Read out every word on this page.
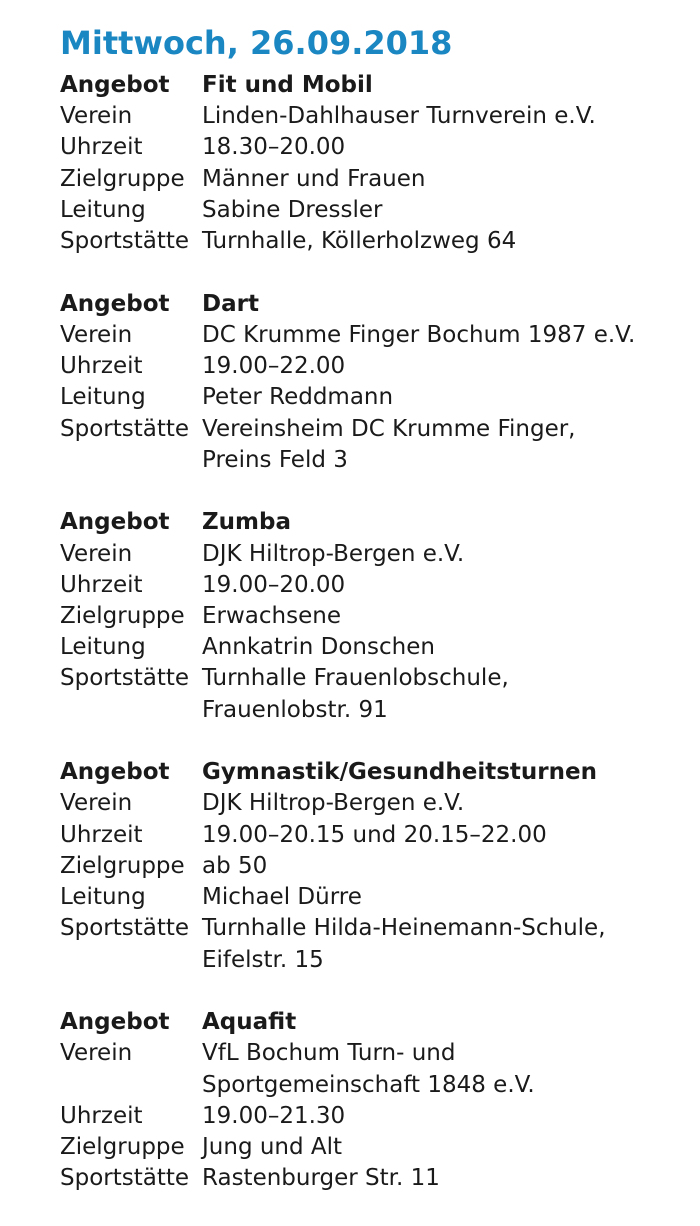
Mittwoch, 26.09.2018
Angebot	Fit und Mobil
Verein	Linden-Dahlhauser Turnverein e.V.
Uhrzeit	18.30–20.00
Zielgruppe Männer und Frauen
Leitung	Sabine Dressler
Sportstätte Turnhalle, Köllerholzweg 64
Angebot	Dart
Verein	DC Krumme Finger Bochum 1987 e.V.
Uhrzeit	19.00–22.00
Leitung	Peter Reddmann
Sportstätte Vereinsheim DC Krumme Finger,
Preins Feld 3
Angebot	Zumba
Verein	DJK Hiltrop-Bergen e.V.
Uhrzeit	19.00–20.00
Zielgruppe Erwachsene
Leitung	Annkatrin Donschen
Sportstätte Turnhalle Frauenlobschule,
Frauenlobstr. 91
Angebot	Gymnastik/Gesundheitsturnen
Verein	DJK Hiltrop-Bergen e.V.
Uhrzeit	19.00–20.15 und 20.15–22.00
Zielgruppe ab 50
Leitung	Michael Dürre
Sportstätte Turnhalle Hilda-Heinemann-Schule,
Eifelstr. 15
Angebot	Aquafit
Verein	VfL Bochum Turn- und
Sportgemeinschaft 1848 e.V.
Uhrzeit	19.00–21.30
Zielgruppe Jung und Alt
Sportstätte Rastenburger Str. 11
